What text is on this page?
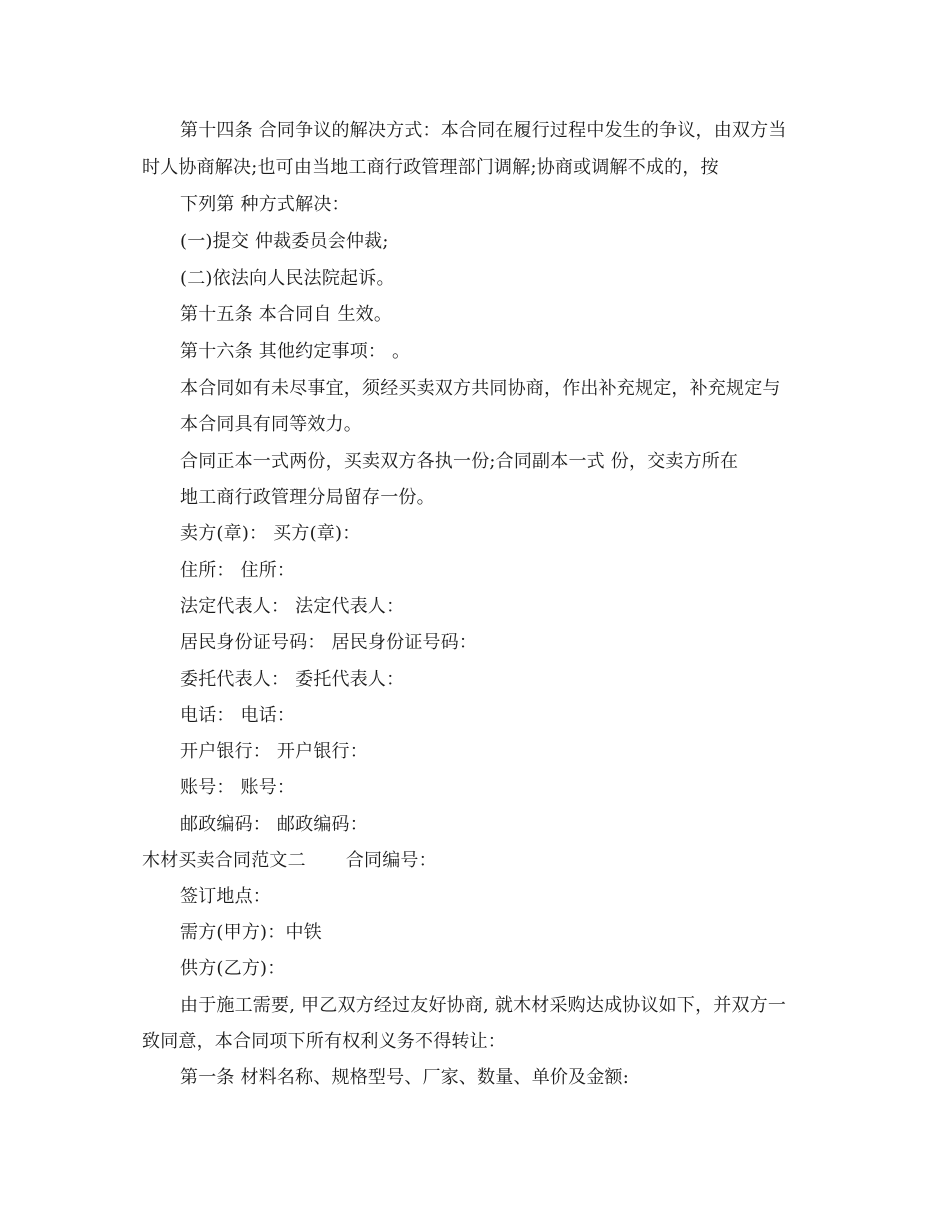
第十四条 合同争议的解决方式：本合同在履行过程中发生的争议，由双方当
时人协商解决;也可由当地工商行政管理部门调解;协商或调解不成的，按
下列第 种方式解决：
(一)提交 仲裁委员会仲裁;
(二)依法向人民法院起诉。
第十五条 本合同自 生效。
第十六条 其他约定事项： 。
本合同如有未尽事宜，须经买卖双方共同协商，作出补充规定，补充规定与
本合同具有同等效力。
合同正本一式两份，买卖双方各执一份;合同副本一式 份，交卖方所在
地工商行政管理分局留存一份。
卖方(章)： 买方(章)：
住所： 住所：
法定代表人： 法定代表人：
居民身份证号码： 居民身份证号码：
委托代表人： 委托代表人：
电话： 电话：
开户银行： 开户银行：
账号： 账号：
邮政编码： 邮政编码：
木材买卖合同范文二 合同编号：
签订地点：
需方(甲方)：中铁
供方(乙方)：
由于施工需要, 甲乙双方经过友好协商, 就木材采购达成协议如下，并双方一
致同意，本合同项下所有权利义务不得转让：
第一条 材料名称、规格型号、厂家、数量、单价及金额:
